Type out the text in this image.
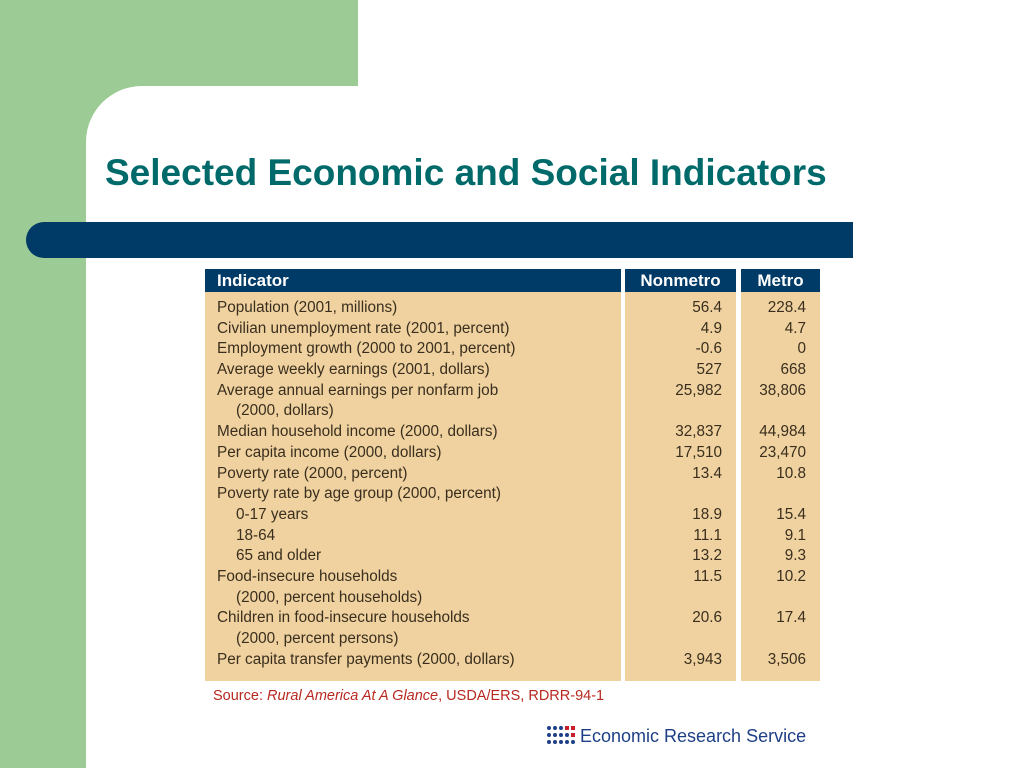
Selected Economic and Social Indicators
Indicator
Population (2001, millions)
Civilian unemployment rate (2001, percent)
Employment growth (2000 to 2001, percent)
Average weekly earnings (2001, dollars)
Average annual earnings per nonfarm job
(2000, dollars)
Median household income (2000, dollars)
Per capita income (2000, dollars)
Poverty rate (2000, percent)
Poverty rate by age group (2000, percent)
0-17 years
18-64
65 and older
Food-insecure households
(2000, percent households)
Children in food-insecure households
(2000, percent persons)
Per capita transfer payments (2000, dollars)
Nonmetro
56.4
4.9
-0.6
527
25,982
32,837
17,510
13.4
18.9
11.1
13.2
11.5
20.6
3,943
Metro
228.4
4.7
0
668
38,806
44,984
23,470
10.8
15.4
9.1
9.3
10.2
17.4
3,506
Source: Rural America At A Glance, USDA/ERS, RDRR-94-1
Economic Research Service
